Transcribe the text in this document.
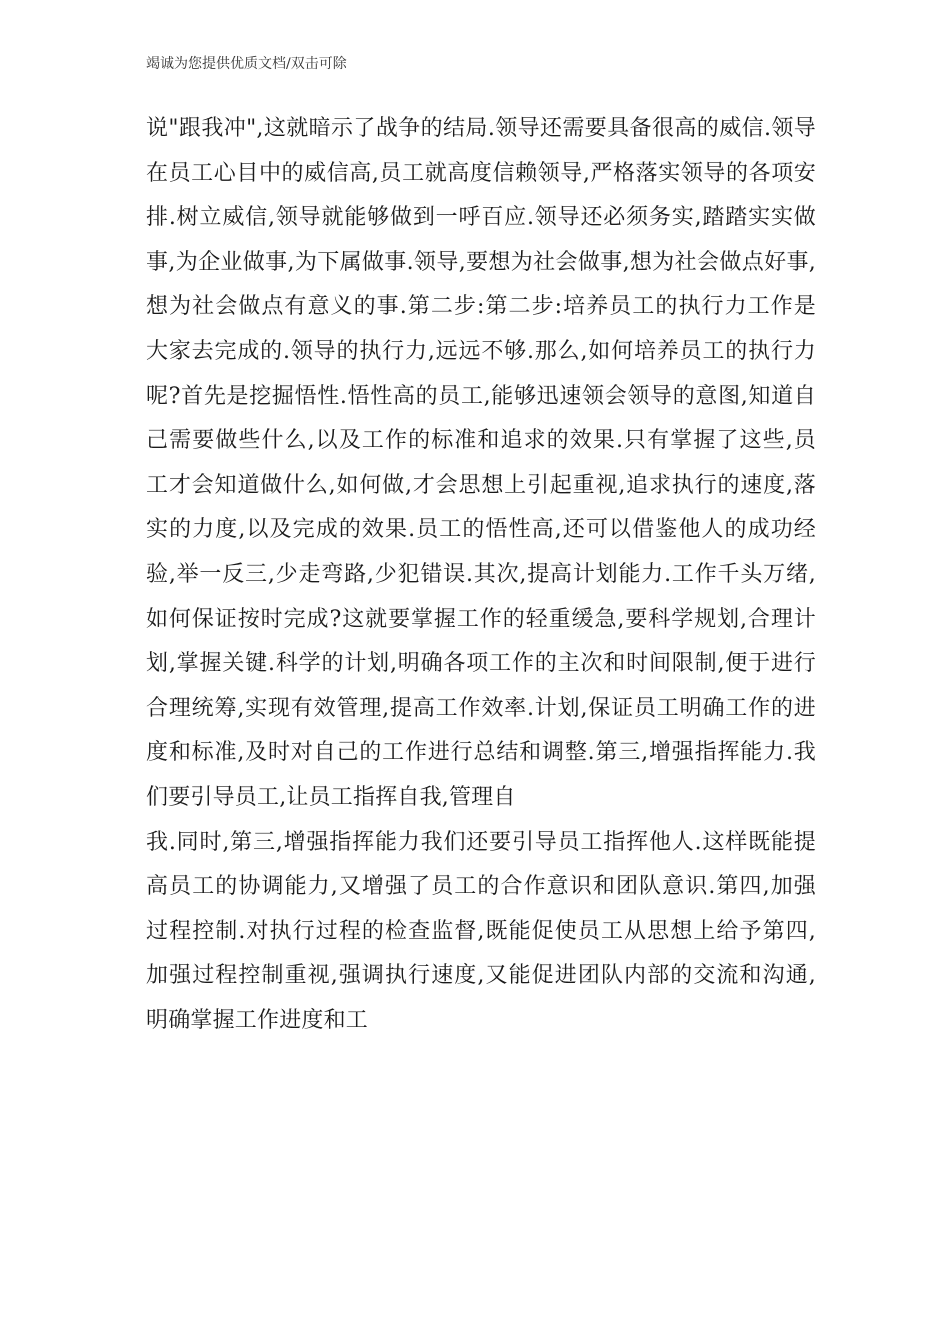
竭诚为您提供优质文档/双击可除
说"跟我冲",这就暗示了战争的结局.领导还需要具备很高的威信.领导
在员工心目中的威信高,员工就高度信赖领导,严格落实领导的各项安
排.树立威信,领导就能够做到一呼百应.领导还必须务实,踏踏实实做
事,为企业做事,为下属做事.领导,要想为社会做事,想为社会做点好事,
想为社会做点有意义的事.第二步:第二步:培养员工的执行力工作是
大家去完成的.领导的执行力,远远不够.那么,如何培养员工的执行力
呢?首先是挖掘悟性.悟性高的员工,能够迅速领会领导的意图,知道自
己需要做些什么,以及工作的标准和追求的效果.只有掌握了这些,员
工才会知道做什么,如何做,才会思想上引起重视,追求执行的速度,落
实的力度,以及完成的效果.员工的悟性高,还可以借鉴他人的成功经
验,举一反三,少走弯路,少犯错误.其次,提高计划能力.工作千头万绪,
如何保证按时完成?这就要掌握工作的轻重缓急,要科学规划,合理计
划,掌握关键.科学的计划,明确各项工作的主次和时间限制,便于进行
合理统筹,实现有效管理,提高工作效率.计划,保证员工明确工作的进
度和标准,及时对自己的工作进行总结和调整.第三,增强指挥能力.我
们要引导员工,让员工指挥自我,管理自
我.同时,第三,增强指挥能力我们还要引导员工指挥他人.这样既能提
高员工的协调能力,又增强了员工的合作意识和团队意识.第四,加强
过程控制.对执行过程的检查监督,既能促使员工从思想上给予第四,
加强过程控制重视,强调执行速度,又能促进团队内部的交流和沟通,
明确掌握工作进度和工
